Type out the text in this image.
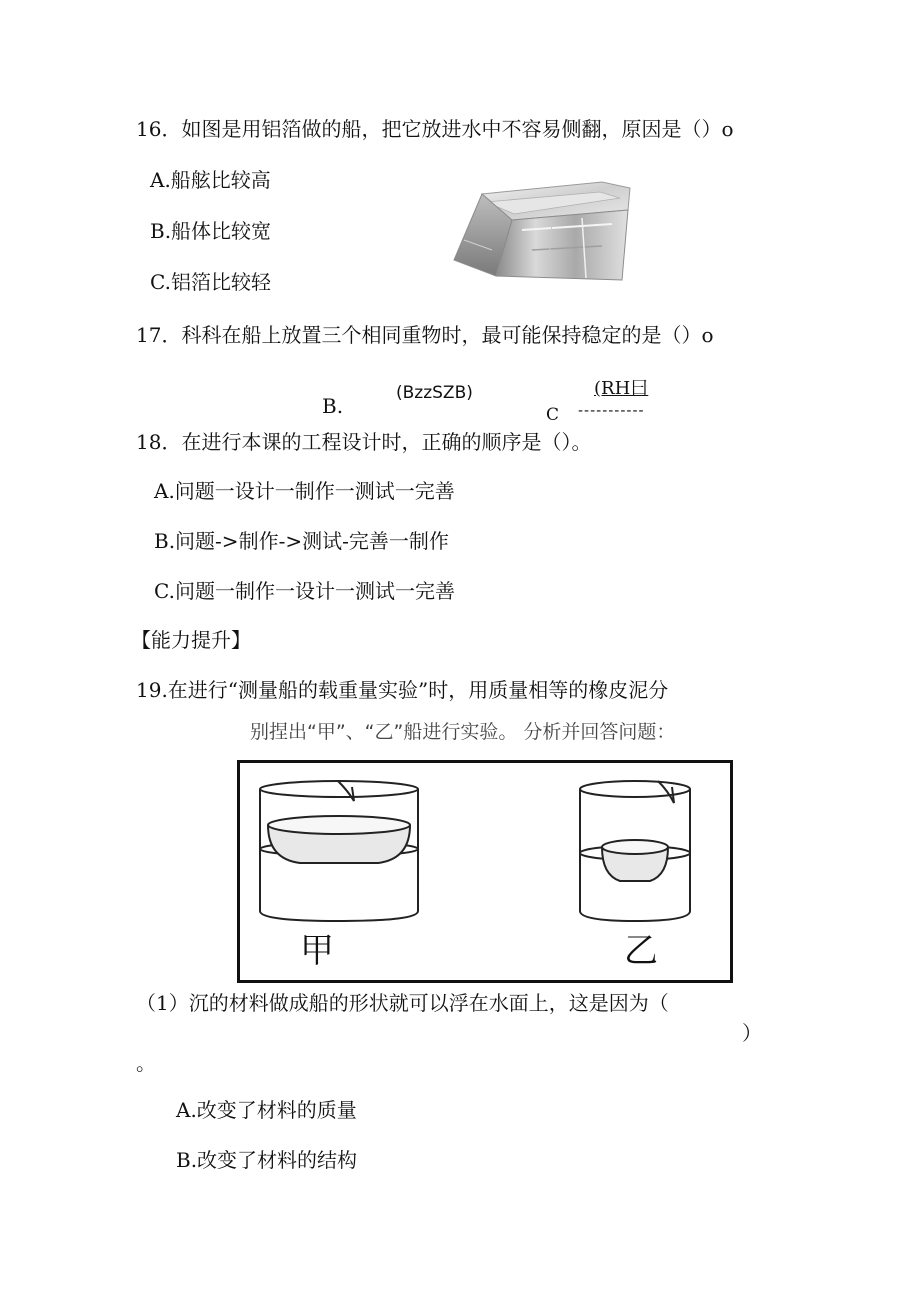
16．如图是用铝箔做的船，把它放进水中不容易侧翻，原因是（）o
A.船舷比较高
B.船体比较宽
C.铝箔比较轻
17．科科在船上放置三个相同重物时，最可能保持稳定的是（）o
B.
(BzzSZB)	(RH曰
C -----------
18．在进行本课的工程设计时，正确的顺序是（）。
A.问题一设计一制作一测试一完善
B.问题->制作->测试-完善一制作
C.问题一制作一设计一测试一完善
【能力提升】
19.在进行“测量船的载重量实验”时，用质量相等的橡皮泥分
别捏出“甲”、“乙”船进行实验。 分析并回答问题：
甲	乙
（1）沉的材料做成船的形状就可以浮在水面上，这是因为（
）
。
A.改变了材料的质量
B.改变了材料的结构
